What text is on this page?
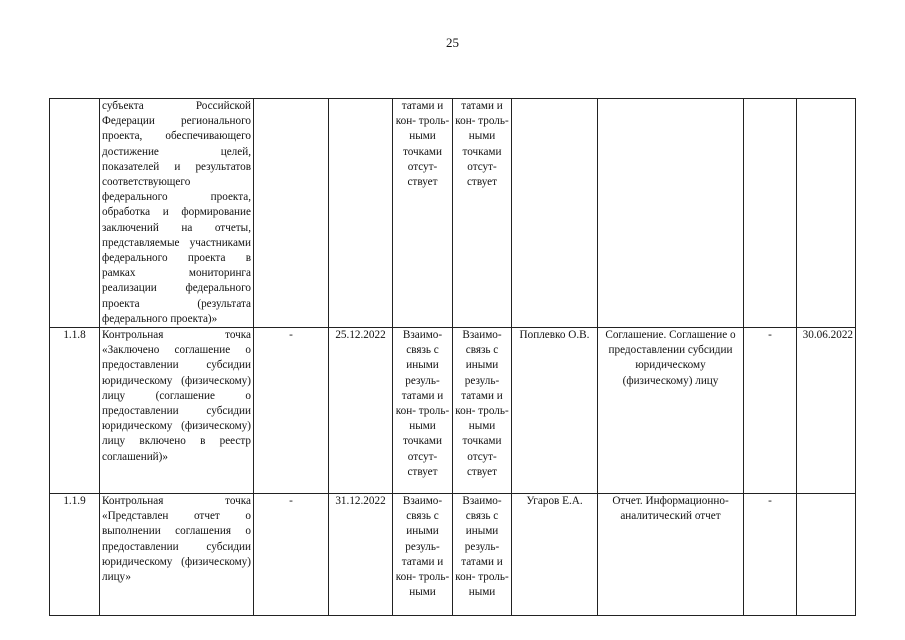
25
	субъекта Российской Федерации регионального проекта, обеспечивающего достижение целей, показателей и результатов соответствующего федерального проекта, обработка и формирование заключений на отчеты, представляемые участниками федерального проекта в рамках мониторинга реализации федерального проекта (результата федерального проекта)»			татами и кон- троль- ными точками отсут- ствует	татами и кон- троль- ными точками отсут- ствует				
1.1.8	Контрольная точка «Заключено соглашение о предоставлении субсидии юридическому (физическому) лицу (соглашение о предоставлении субсидии юридическому (физическому) лицу включено в реестр соглашений)»	-	25.12.2022	Взаимо- связь с иными резуль- татами и кон- троль- ными точками отсут- ствует	Взаимо- связь с иными резуль- татами и кон- троль- ными точками отсут- ствует	Поплевко О.В.	Соглашение. Соглашение о предоставлении субсидии юридическому (физическому) лицу	-	30.06.2022
1.1.9	Контрольная точка «Представлен отчет о выполнении соглашения о предоставлении субсидии юридическому (физическому) лицу»	-	31.12.2022	Взаимо- связь с иными резуль- татами и кон- троль- ными	Взаимо- связь с иными резуль- татами и кон- троль- ными	Угаров Е.А.	Отчет. Информационно-аналитический отчет	-	
